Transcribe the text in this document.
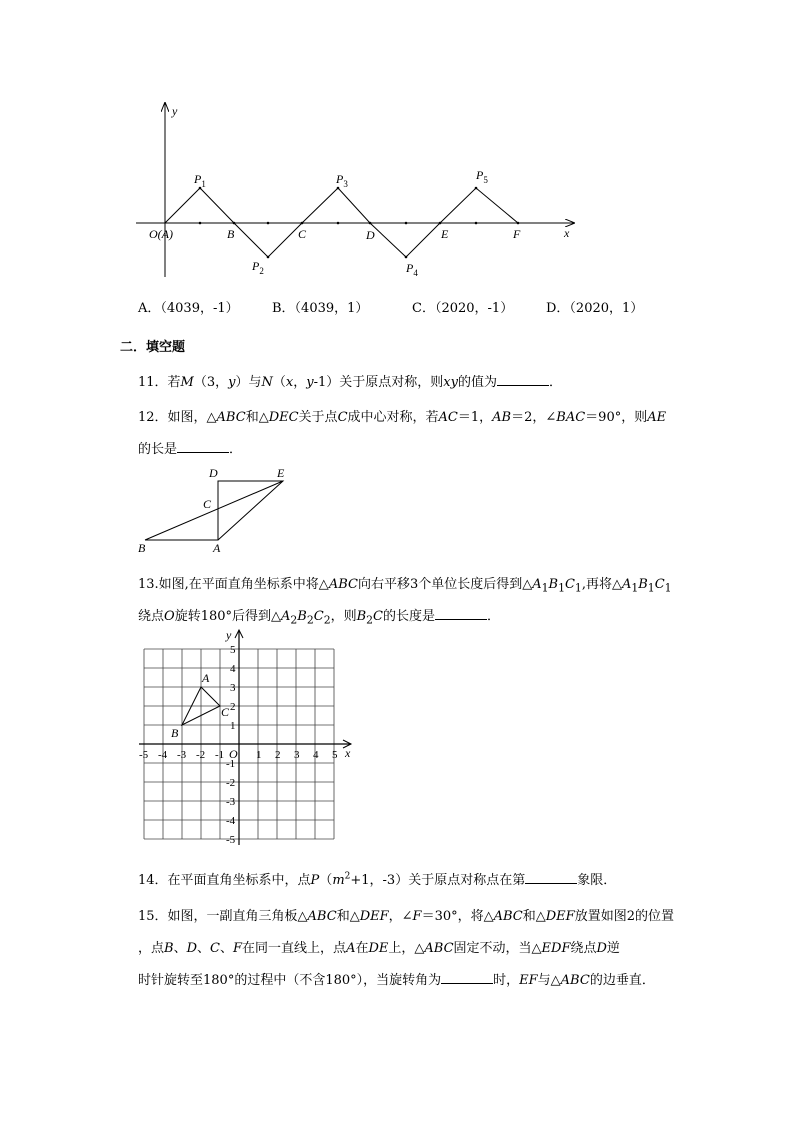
y
x
O(A)
$P_1$
$P_2$
$P_3$
$P_4$
$P_5$
B	C	D	E	F
A．（4039，-1）	B．（4039，1）	C．（2020，-1）	D．（2020，1）
二．填空题
11．若M（3，y）与N（x，y-1）关于原点对称，则xy的值为	．
12．如图，△ABC和△DEC关于点C成中心对称，若AC＝1，AB＝2，∠BAC＝90°，则AE
的长是	．
B	A
C
D	E
13.如图,在平面直角坐标系中将△ABC向右平移3个单位长度后得到$\triangle A_1B_1C_1$,再将$\triangle A_1B_1C_1$
绕点O旋转180°后得到$\triangle A_2B_2C_2$，则$B_2C$的长度是	．
A
B
C
y
x
O
-5 -4 -3 -2 -1	1 2 3 4 5
5
4
3
2
1
-1
-2
-3
-4
-5
14．在平面直角坐标系中，点$P(m^2+1$，-3）关于原点对称点在第	象限．
15．如图，一副直角三角板△ABC和△DEF，∠F＝30°，将△ABC和△DEF放置如图2的位置
，点B、D、C、F在同一直线上，点A在DE上，△ABC固定不动，当△EDF绕点D逆
时针旋转至180°的过程中（不含180°），当旋转角为	时，EF与△ABC的边垂直．
